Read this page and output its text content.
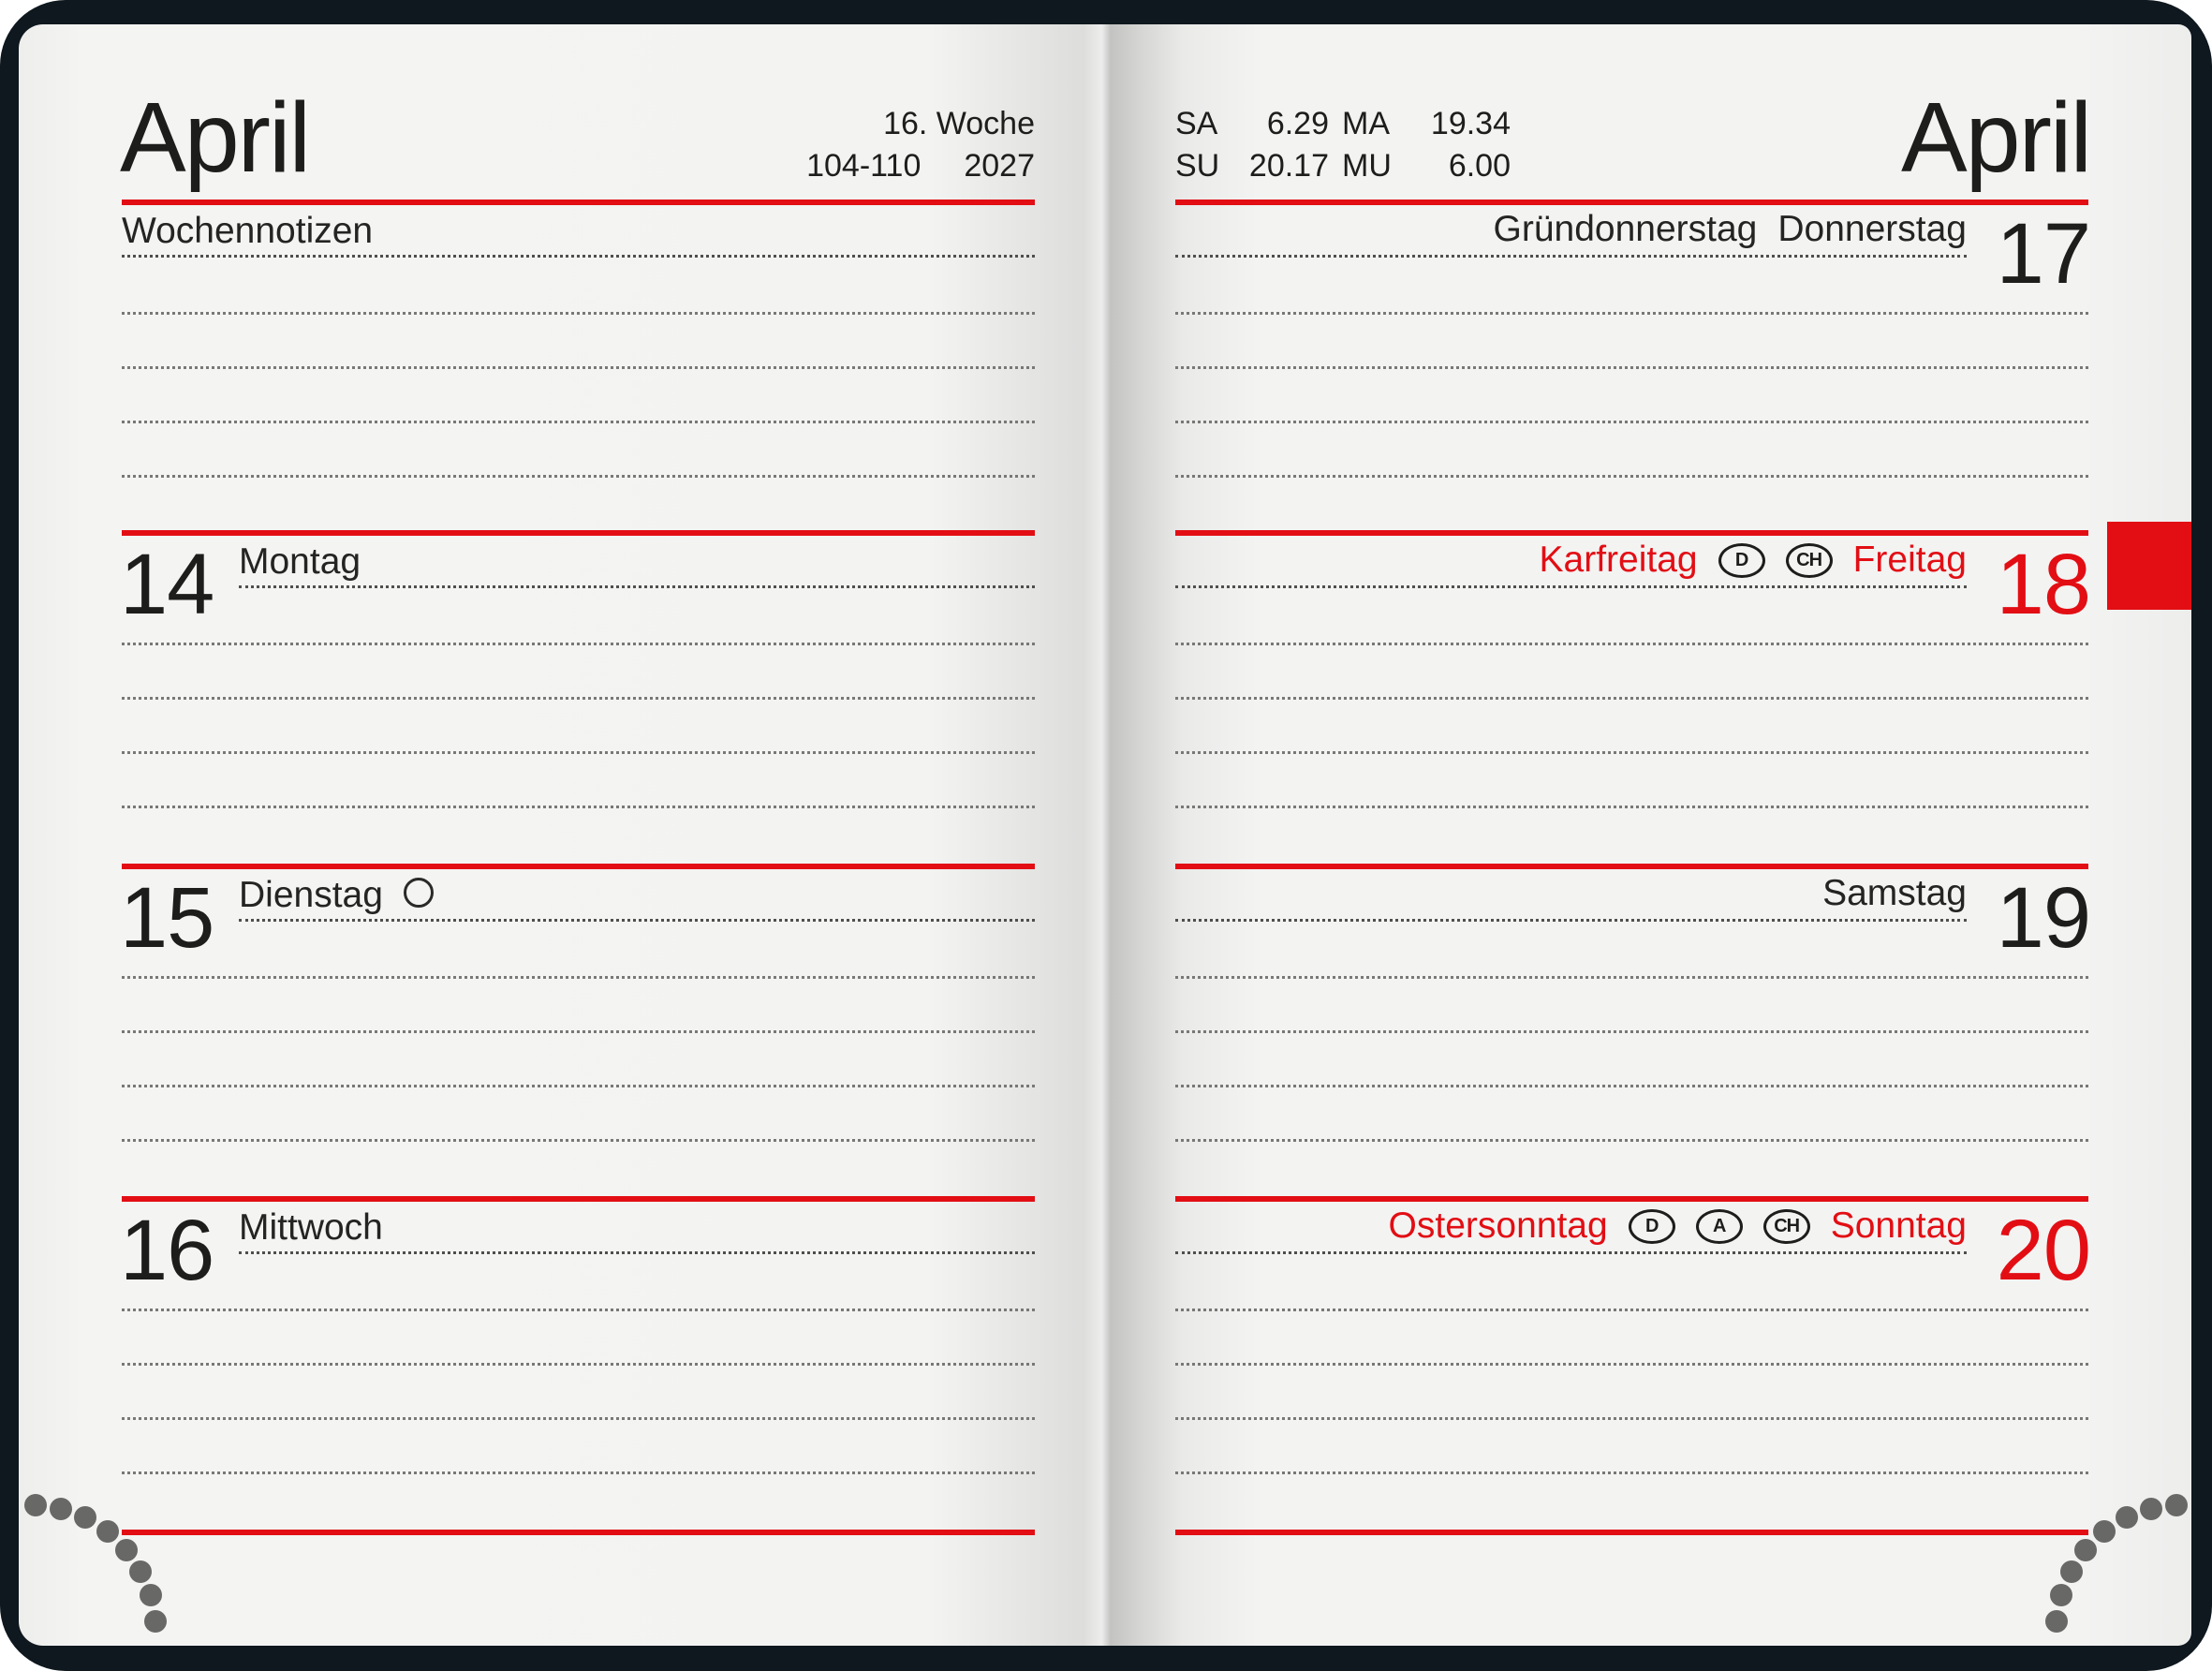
April	16. Woche
104-110 2027
Wochennotizen
14 Montag
15 Dienstag
16 Mittwoch
April
SA	6.29 MA	19.34
SU 20.17 MU	6.00
17
Gründonnerstag Donnerstag
18
Karfreitag	D	CH Freitag
19
Samstag
20
Ostersonntag	D	A	CH Sonntag
